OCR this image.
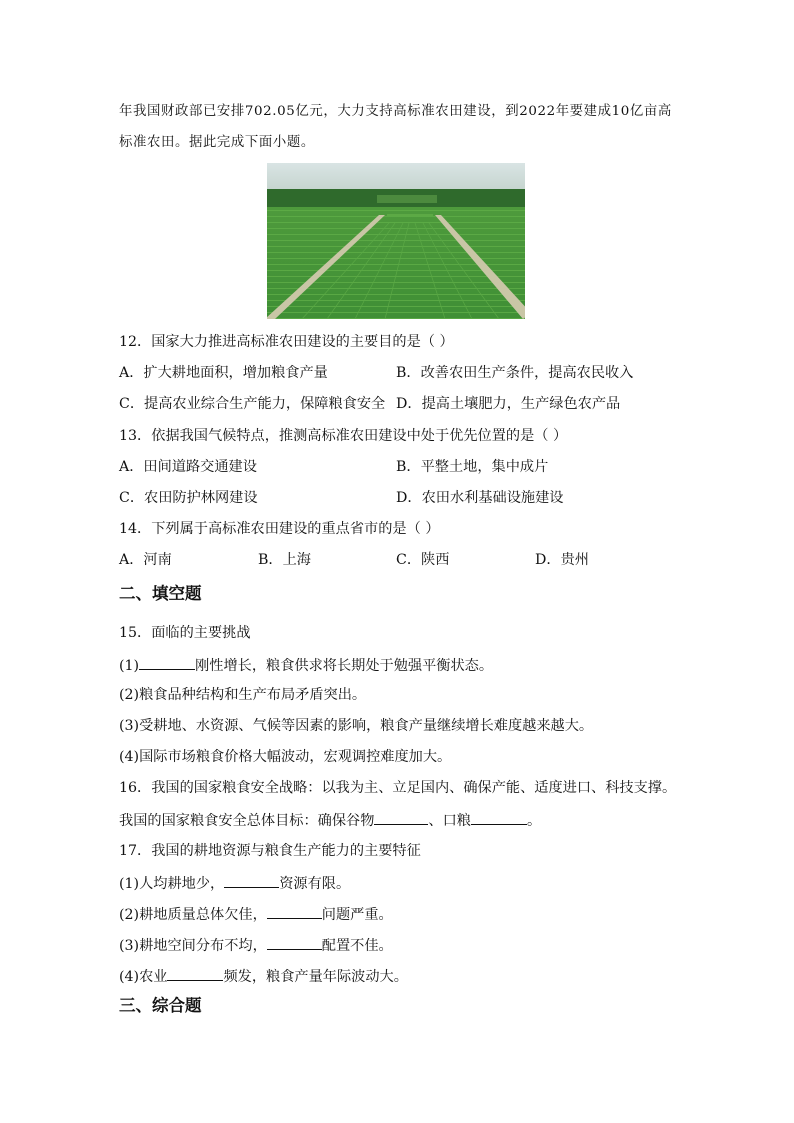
年我国财政部已安排702.05亿元，大力支持高标准农田建设，到2022年要建成10亿亩高
标准农田。据此完成下面小题。
12．国家大力推进高标准农田建设的主要目的是（ ）
A．扩大耕地面积，增加粮食产量	B．改善农田生产条件，提高农民收入
C．提高农业综合生产能力，保障粮食安全 D．提高土壤肥力，生产绿色农产品
13．依据我国气候特点，推测高标准农田建设中处于优先位置的是（ ）
A．田间道路交通建设	B．平整土地，集中成片
C．农田防护林网建设	D．农田水利基础设施建设
14．下列属于高标准农田建设的重点省市的是（ ）
A．河南	B．上海	C．陕西	D．贵州
二、填空题
15．面临的主要挑战
(1)	刚性增长，粮食供求将长期处于勉强平衡状态。
(2)粮食品种结构和生产布局矛盾突出。
(3)受耕地、水资源、气候等因素的影响，粮食产量继续增长难度越来越大。
(4)国际市场粮食价格大幅波动，宏观调控难度加大。
16．我国的国家粮食安全战略：以我为主、立足国内、确保产能、适度进口、科技支撑。
我国的国家粮食安全总体目标：确保谷物	、口粮	。
17．我国的耕地资源与粮食生产能力的主要特征
(1)人均耕地少，	资源有限。
(2)耕地质量总体欠佳，	问题严重。
(3)耕地空间分布不均，	配置不佳。
(4)农业	频发，粮食产量年际波动大。
三、综合题
